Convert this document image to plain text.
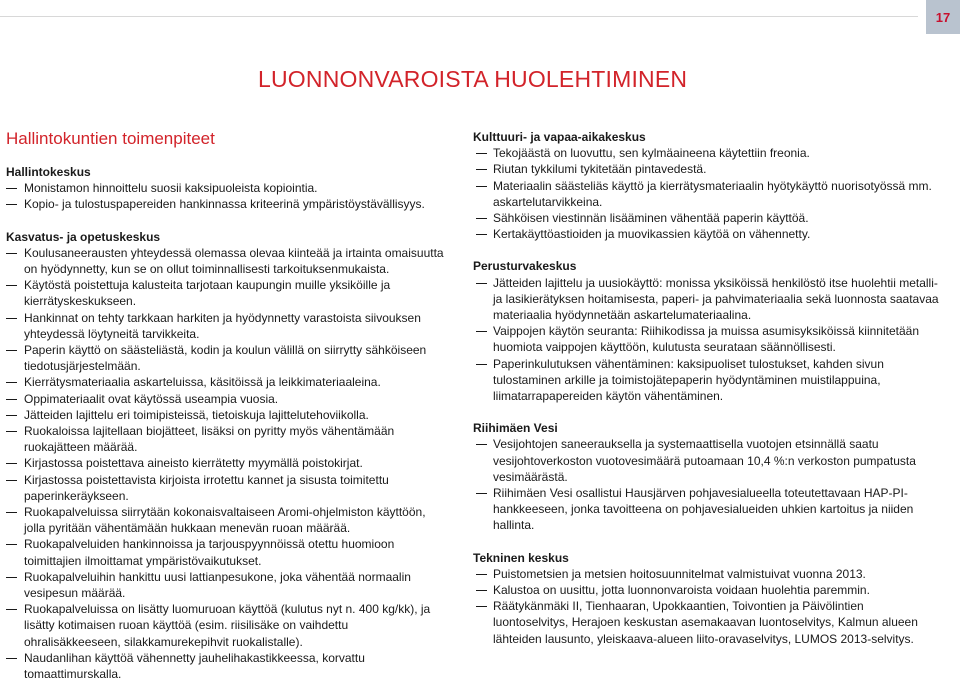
17
LUONNONVAROISTA HUOLEHTIMINEN
Hallintokuntien toimenpiteet

Hallintokeskus

Monistamon hinnoittelu suosii kaksipuoleista kopiointia.
Kopio- ja tulostuspapereiden hankinnassa kriteerinä ympäristöystävällisyys.

Kasvatus- ja opetuskeskus

Koulusaneerausten yhteydessä olemassa olevaa kiinteää ja irtainta omaisuutta on hyödynnetty, kun se on ollut toiminnallisesti tarkoituksenmukaista.
Käytöstä poistettuja kalusteita tarjotaan kaupungin muille yksiköille ja kierrätyskeskukseen.
Hankinnat on tehty tarkkaan harkiten ja hyödynnetty varastoista siivouksen yhteydessä löytyneitä tarvikkeita.
Paperin käyttö on säästeliästä, kodin ja koulun välillä on siirrytty sähköiseen tiedotusjärjestelmään.
Kierrätysmateriaalia askarteluissa, käsitöissä ja leikkimateriaaleina.
Oppimateriaalit ovat käytössä useampia vuosia.
Jätteiden lajittelu eri toimipisteissä, tietoiskuja lajittelutehoviikolla.
Ruokaloissa lajitellaan biojätteet, lisäksi on pyritty myös vähentämään ruokajätteen määrää.
Kirjastossa poistettava aineisto kierrätetty myymällä poistokirjat.
Kirjastossa poistettavista kirjoista irrotettu kannet ja sisusta toimitettu paperinkeräykseen.
Ruokapalveluissa siirrytään kokonaisvaltaiseen Aromi-ohjelmiston käyttöön, jolla pyritään vähentämään hukkaan menevän ruoan määrää.
Ruokapalveluiden hankinnoissa ja tarjouspyynnöissä otettu huomioon toimittajien ilmoittamat ympäristövaikutukset.
Ruokapalveluihin hankittu uusi lattianpesukone, joka vähentää normaalin vesipesun määrää.
Ruokapalveluissa on lisätty luomuruoan käyttöä (kulutus nyt n. 400 kg/kk), ja lisätty kotimaisen ruoan käyttöä (esim. riisilisäke on vaihdettu ohralisäkkeeseen, silakkamurekepihvit ruokalistalle).
Naudanlihan käyttöä vähennetty jauhelihakastikkeessa, korvattu tomaattimurskalla.

Kulttuuri- ja vapaa-aikakeskus

Tekojäästä on luovuttu, sen kylmäaineena käytettiin freonia.
Riutan tykkilumi tykitetään pintavedestä.
Materiaalin säästeliäs käyttö ja kierrätysmateriaalin hyötykäyttö nuorisotyössä mm. askartelutarvikkeina.
Sähköisen viestinnän lisääminen vähentää paperin käyttöä.
Kertakäyttöastioiden ja muovikassien käytöä on vähennetty.

Perusturvakeskus

Jätteiden lajittelu ja uusiokäyttö: monissa yksiköissä henkilöstö itse huolehtii metalli- ja lasikierätyksen hoitamisesta, paperi- ja pahvimateriaalia sekä luonnosta saatavaa materiaalia hyödynnetään askartelumateriaalina.
Vaippojen käytön seuranta: Riihikodissa ja muissa asumisyksiköissä kiinnitetään huomiota vaippojen käyttöön, kulutusta seurataan säännöllisesti.
Paperinkulutuksen vähentäminen: kaksipuoliset tulostukset, kahden sivun tulostaminen arkille ja toimistojätepaperin hyödyntäminen muistilappuina, liimatarrapapereiden käytön vähentäminen.

Riihimäen Vesi

Vesijohtojen saneerauksella ja systemaattisella vuotojen etsinnällä saatu vesijohtoverkoston vuotovesimäärä putoamaan 10,4 %:n verkoston pumpatusta vesimäärästä.
Riihimäen Vesi osallistui Hausjärven pohjavesialueella toteutettavaan HAP-PI-hankkeeseen, jonka tavoitteena on pohjavesialueiden uhkien kartoitus ja niiden hallinta.

Tekninen keskus

Puistometsien ja metsien hoitosuunnitelmat valmistuivat vuonna 2013.
Kalustoa on uusittu, jotta luonnonvaroista voidaan huolehtia paremmin.
Räätykänmäki II, Tienhaaran, Upokkaantien, Toivontien ja Päivölintien luontoselvitys, Herajoen keskustan asemakaavan luontoselvitys, Kalmun alueen lähteiden lausunto, yleiskaava-alueen liito-oravaselvitys, LUMOS 2013-selvitys.
